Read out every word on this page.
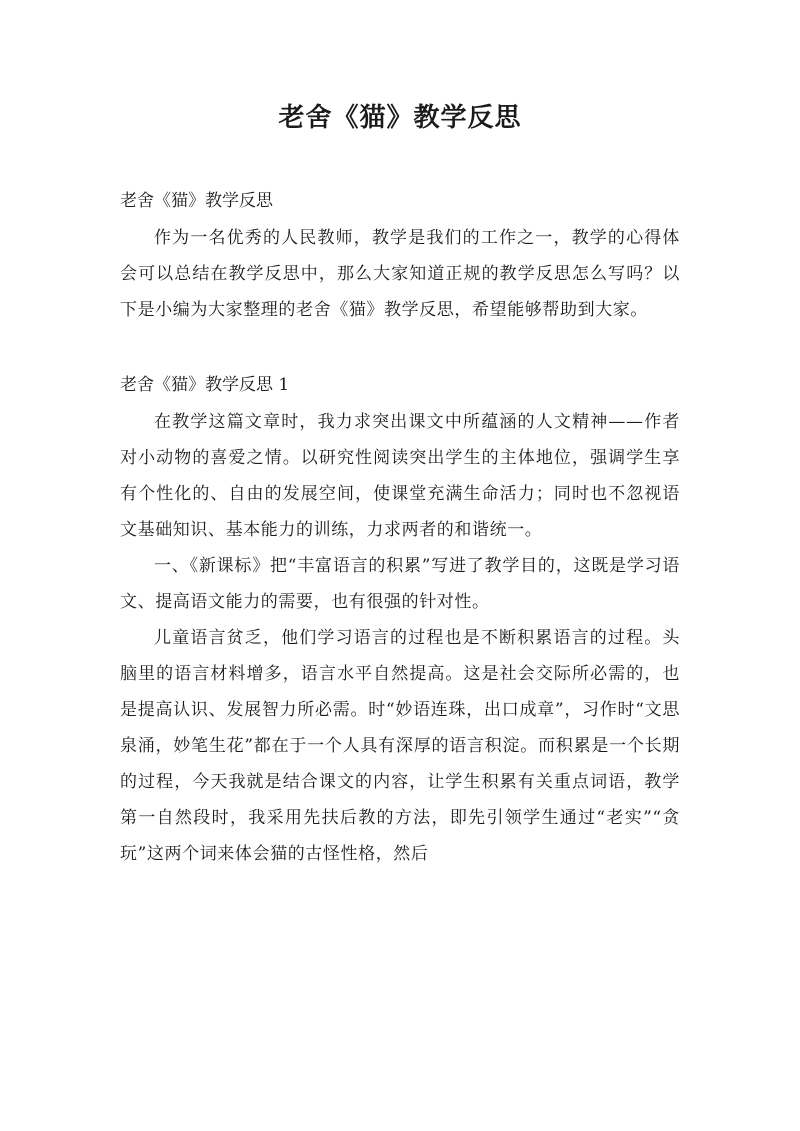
老舍《猫》教学反思

老舍《猫》教学反思

作为一名优秀的人民教师，教学是我们的工作之一，教学的心得体会可以总结在教学反思中，那么大家知道正规的教学反思怎么写吗？以下是小编为大家整理的老舍《猫》教学反思，希望能够帮助到大家。

老舍《猫》教学反思 1

在教学这篇文章时，我力求突出课文中所蕴涵的人文精神——作者对小动物的喜爱之情。以研究性阅读突出学生的主体地位，强调学生享有个性化的、自由的发展空间，使课堂充满生命活力；同时也不忽视语文基础知识、基本能力的训练，力求两者的和谐统一。

一、《新课标》把“丰富语言的积累”写进了教学目的，这既是学习语文、提高语文能力的需要，也有很强的针对性。

儿童语言贫乏，他们学习语言的过程也是不断积累语言的过程。头脑里的语言材料增多，语言水平自然提高。这是社会交际所必需的，也是提高认识、发展智力所必需。时“妙语连珠，出口成章”，习作时“文思泉涌，妙笔生花”都在于一个人具有深厚的语言积淀。而积累是一个长期的过程，今天我就是结合课文的内容，让学生积累有关重点词语，教学第一自然段时，我采用先扶后教的方法，即先引领学生通过“老实”“贪玩”这两个词来体会猫的古怪性格，然后
